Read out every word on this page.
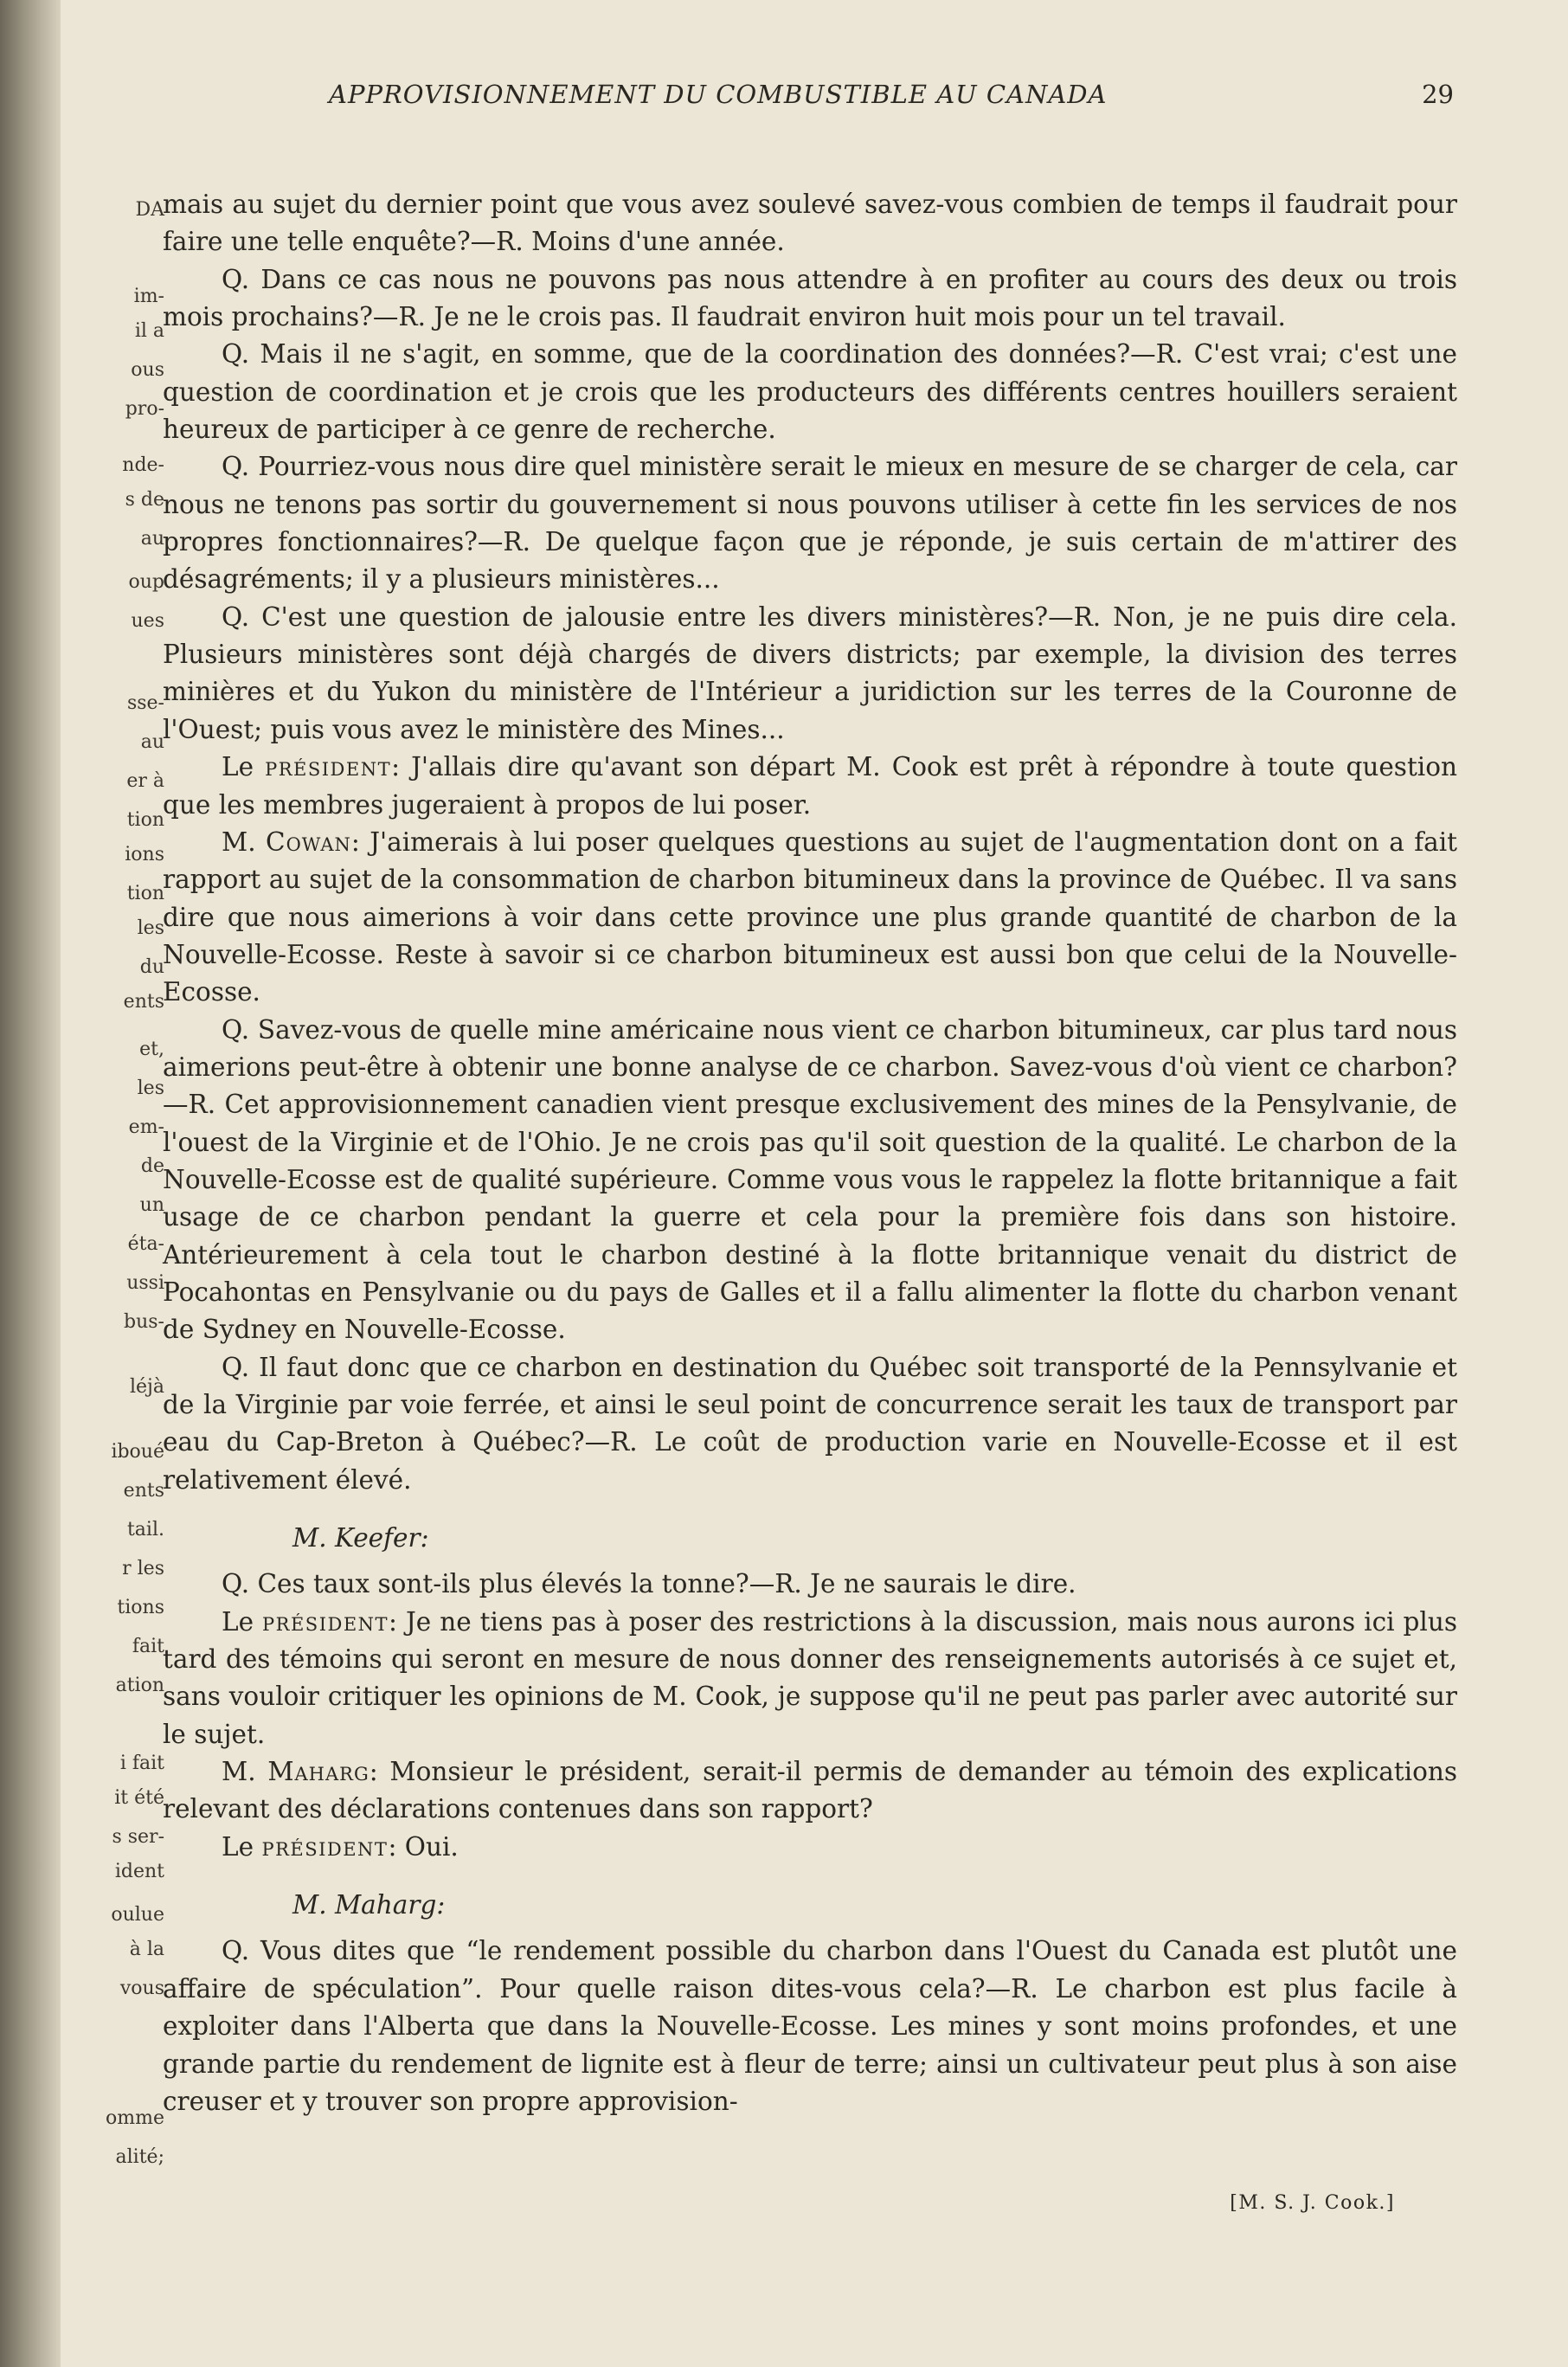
DA
im-
il a
ous
pro-
nde-
s de
au
oup
ues
sse-
au
er à
tion
ions
tion
les
du
ents
et,
les
em-
de
un
éta-
ussi
bus-
léjà
iboué
ents
tail.
r les
tions
fait
ation
i fait
it été
s ser-
ident
oulue
à la
vous
omme
alité;
APPROVISIONNEMENT DU COMBUSTIBLE AU CANADA	29

mais au sujet du dernier point que vous avez soulevé savez-vous combien de temps il faudrait pour faire une telle enquête?—R. Moins d'une année.

Q. Dans ce cas nous ne pouvons pas nous attendre à en profiter au cours des deux ou trois mois prochains?—R. Je ne le crois pas. Il faudrait environ huit mois pour un tel travail.

Q. Mais il ne s'agit, en somme, que de la coordination des données?—R. C'est vrai; c'est une question de coordination et je crois que les producteurs des différents centres houillers seraient heureux de participer à ce genre de recherche.

Q. Pourriez-vous nous dire quel ministère serait le mieux en mesure de se charger de cela, car nous ne tenons pas sortir du gouvernement si nous pouvons utiliser à cette fin les services de nos propres fonctionnaires?—R. De quelque façon que je réponde, je suis certain de m'attirer des désagréments; il y a plusieurs ministères...

Q. C'est une question de jalousie entre les divers ministères?—R. Non, je ne puis dire cela. Plusieurs ministères sont déjà chargés de divers districts; par exemple, la division des terres minières et du Yukon du ministère de l'Intérieur a juridiction sur les terres de la Couronne de l'Ouest; puis vous avez le ministère des Mines...

Le président: J'allais dire qu'avant son départ M. Cook est prêt à répondre à toute question que les membres jugeraient à propos de lui poser.

M. Cowan: J'aimerais à lui poser quelques questions au sujet de l'augmentation dont on a fait rapport au sujet de la consommation de charbon bitumineux dans la province de Québec. Il va sans dire que nous aimerions à voir dans cette province une plus grande quantité de charbon de la Nouvelle-Ecosse. Reste à savoir si ce charbon bitumineux est aussi bon que celui de la Nouvelle-Ecosse.

Q. Savez-vous de quelle mine américaine nous vient ce charbon bitumineux, car plus tard nous aimerions peut-être à obtenir une bonne analyse de ce charbon. Savez-vous d'où vient ce charbon?—R. Cet approvisionnement canadien vient presque exclusivement des mines de la Pensylvanie, de l'ouest de la Virginie et de l'Ohio. Je ne crois pas qu'il soit question de la qualité. Le charbon de la Nouvelle-Ecosse est de qualité supérieure. Comme vous vous le rappelez la flotte britannique a fait usage de ce charbon pendant la guerre et cela pour la première fois dans son histoire. Antérieurement à cela tout le charbon destiné à la flotte britannique venait du district de Pocahontas en Pensylvanie ou du pays de Galles et il a fallu alimenter la flotte du charbon venant de Sydney en Nouvelle-Ecosse.

Q. Il faut donc que ce charbon en destination du Québec soit transporté de la Pennsylvanie et de la Virginie par voie ferrée, et ainsi le seul point de concurrence serait les taux de transport par eau du Cap-Breton à Québec?—R. Le coût de production varie en Nouvelle-Ecosse et il est relativement élevé.

M. Keefer:

Q. Ces taux sont-ils plus élevés la tonne?—R. Je ne saurais le dire.

Le président: Je ne tiens pas à poser des restrictions à la discussion, mais nous aurons ici plus tard des témoins qui seront en mesure de nous donner des renseignements autorisés à ce sujet et, sans vouloir critiquer les opinions de M. Cook, je suppose qu'il ne peut pas parler avec autorité sur le sujet.

M. Maharg: Monsieur le président, serait-il permis de demander au témoin des explications relevant des déclarations contenues dans son rapport?

Le président: Oui.

M. Maharg:

Q. Vous dites que “le rendement possible du charbon dans l'Ouest du Canada est plutôt une affaire de spéculation”. Pour quelle raison dites-vous cela?—R. Le charbon est plus facile à exploiter dans l'Alberta que dans la Nouvelle-Ecosse. Les mines y sont moins profondes, et une grande partie du rendement de lignite est à fleur de terre; ainsi un cultivateur peut plus à son aise creuser et y trouver son propre approvision-

[M. S. J. Cook.]
